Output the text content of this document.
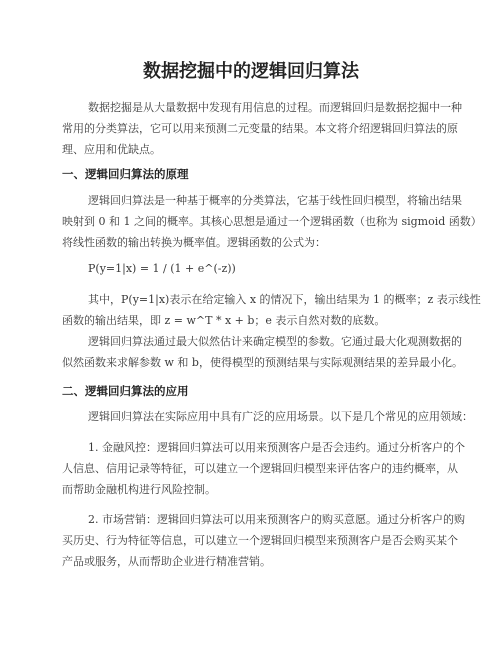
数据挖掘中的逻辑回归算法
数据挖掘是从大量数据中发现有用信息的过程。而逻辑回归是数据挖掘中一种
常用的分类算法，它可以用来预测二元变量的结果。本文将介绍逻辑回归算法的原
理、应用和优缺点。
一、逻辑回归算法的原理
逻辑回归算法是一种基于概率的分类算法，它基于线性回归模型，将输出结果
映射到 0 和 1 之间的概率。其核心思想是通过一个逻辑函数（也称为 sigmoid 函数）
将线性函数的输出转换为概率值。逻辑函数的公式为：
P(y=1|x) = 1 / (1 + e^(-z))
其中，P(y=1|x)表示在给定输入 x 的情况下，输出结果为 1 的概率；z 表示线性
函数的输出结果，即 z = w^T * x + b；e 表示自然对数的底数。
逻辑回归算法通过最大似然估计来确定模型的参数。它通过最大化观测数据的
似然函数来求解参数 w 和 b，使得模型的预测结果与实际观测结果的差异最小化。
二、逻辑回归算法的应用
逻辑回归算法在实际应用中具有广泛的应用场景。以下是几个常见的应用领域：
1. 金融风控：逻辑回归算法可以用来预测客户是否会违约。通过分析客户的个
人信息、信用记录等特征，可以建立一个逻辑回归模型来评估客户的违约概率，从
而帮助金融机构进行风险控制。
2. 市场营销：逻辑回归算法可以用来预测客户的购买意愿。通过分析客户的购
买历史、行为特征等信息，可以建立一个逻辑回归模型来预测客户是否会购买某个
产品或服务，从而帮助企业进行精准营销。
